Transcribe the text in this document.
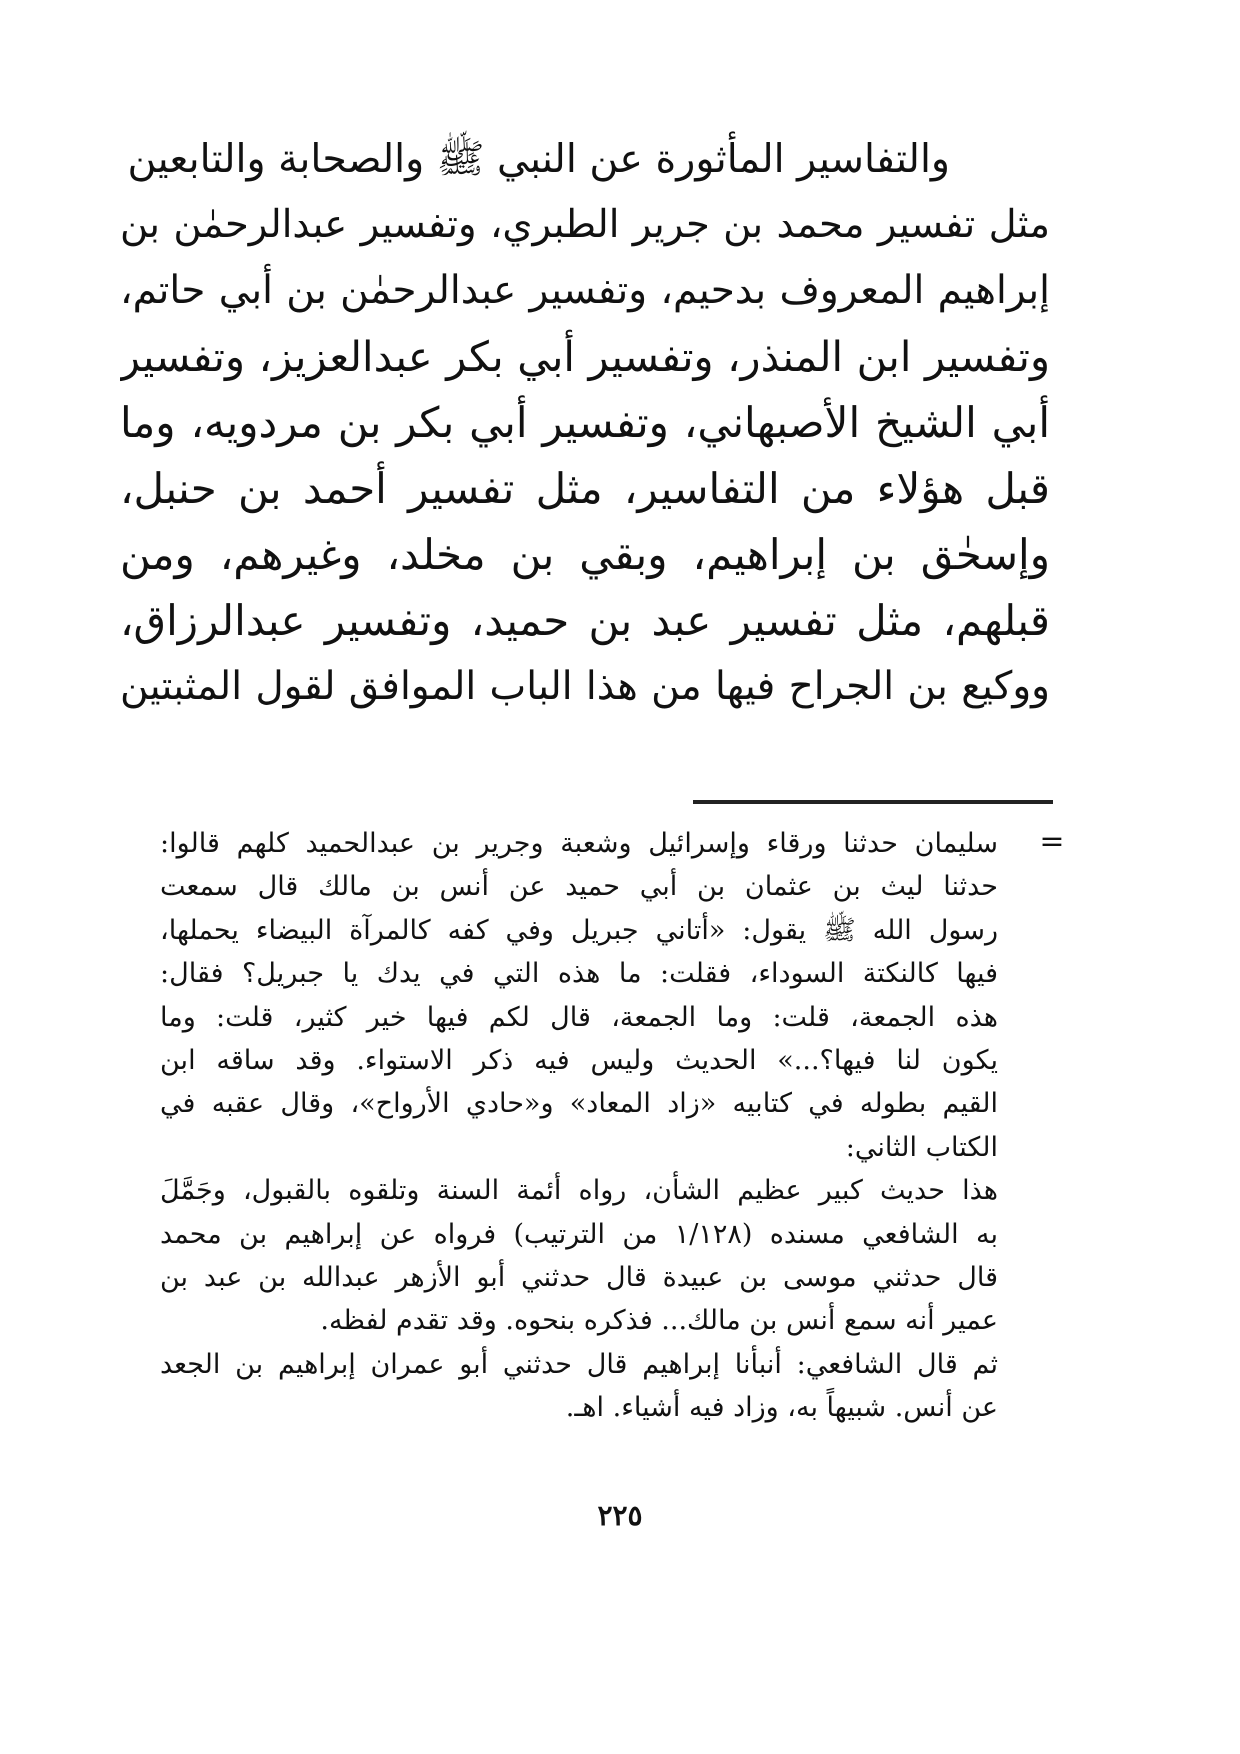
والتفاسير المأثورة عن النبي ﷺ والصحابة والتابعين
مثل تفسير محمد بن جرير الطبري، وتفسير عبدالرحمٰن بن
إبراهيم المعروف بدحيم، وتفسير عبدالرحمٰن بن أبي حاتم،
وتفسير ابن المنذر، وتفسير أبي بكر عبدالعزيز، وتفسير
أبي الشيخ الأصبهاني، وتفسير أبي بكر بن مردويه، وما
قبل هؤلاء من التفاسير، مثل تفسير أحمد بن حنبل،
وإسحٰق بن إبراهيم، وبقي بن مخلد، وغيرهم، ومن
قبلهم، مثل تفسير عبد بن حميد، وتفسير عبدالرزاق،
ووكيع بن الجراح فيها من هذا الباب الموافق لقول المثبتين
=
سليمان حدثنا ورقاء وإسرائيل وشعبة وجرير بن عبدالحميد كلهم قالوا:
حدثنا ليث بن عثمان بن أبي حميد عن أنس بن مالك قال سمعت
رسول الله ﷺ يقول: «أتاني جبريل وفي كفه كالمرآة البيضاء يحملها،
فيها كالنكتة السوداء، فقلت: ما هذه التي في يدك يا جبريل؟ فقال:
هذه الجمعة، قلت: وما الجمعة، قال لكم فيها خير كثير، قلت: وما
يكون لنا فيها؟...» الحديث وليس فيه ذكر الاستواء. وقد ساقه ابن
القيم بطوله في كتابيه «زاد المعاد» و«حادي الأرواح»، وقال عقبه في
الكتاب الثاني:
هذا حديث كبير عظيم الشأن، رواه أئمة السنة وتلقوه بالقبول، وجَمَّلَ
به الشافعي مسنده (١/١٢٨ من الترتيب) فرواه عن إبراهيم بن محمد
قال حدثني موسى بن عبيدة قال حدثني أبو الأزهر عبدالله بن عبد بن
عمير أنه سمع أنس بن مالك... فذكره بنحوه. وقد تقدم لفظه.
ثم قال الشافعي: أنبأنا إبراهيم قال حدثني أبو عمران إبراهيم بن الجعد
عن أنس. شبيهاً به، وزاد فيه أشياء. اهـ.
٢٢٥
